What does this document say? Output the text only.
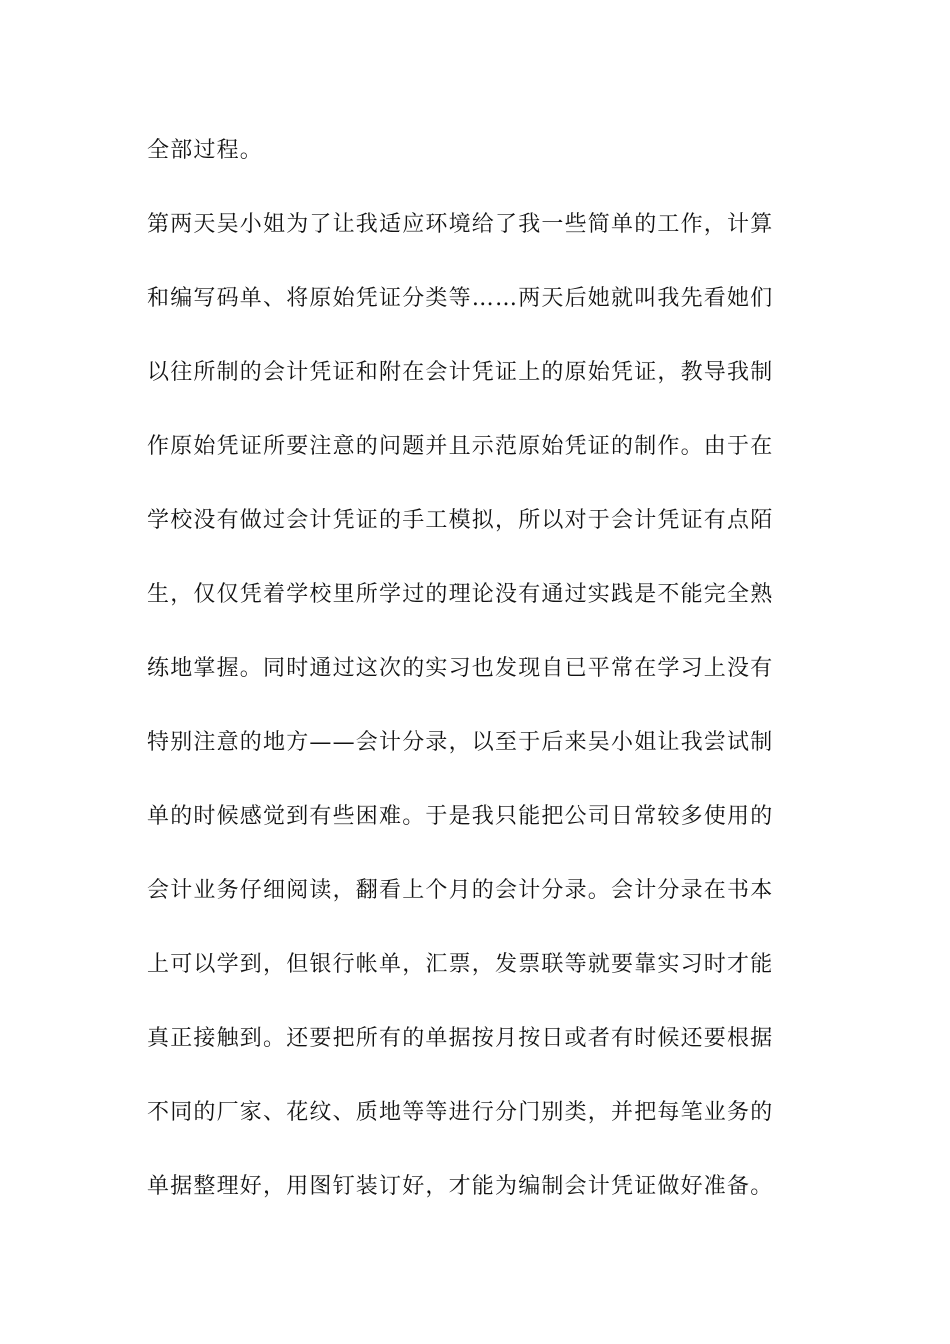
全部过程。
第两天吴小姐为了让我适应环境给了我一些简单的工作，计算
和编写码单、将原始凭证分类等……两天后她就叫我先看她们
以往所制的会计凭证和附在会计凭证上的原始凭证，教导我制
作原始凭证所要注意的问题并且示范原始凭证的制作。由于在
学校没有做过会计凭证的手工模拟，所以对于会计凭证有点陌
生，仅仅凭着学校里所学过的理论没有通过实践是不能完全熟
练地掌握。同时通过这次的实习也发现自已平常在学习上没有
特别注意的地方——会计分录，以至于后来吴小姐让我尝试制
单的时候感觉到有些困难。于是我只能把公司日常较多使用的
会计业务仔细阅读，翻看上个月的会计分录。会计分录在书本
上可以学到，但银行帐单，汇票，发票联等就要靠实习时才能
真正接触到。还要把所有的单据按月按日或者有时候还要根据
不同的厂家、花纹、质地等等进行分门别类，并把每笔业务的
单据整理好，用图钉装订好，才能为编制会计凭证做好准备。
